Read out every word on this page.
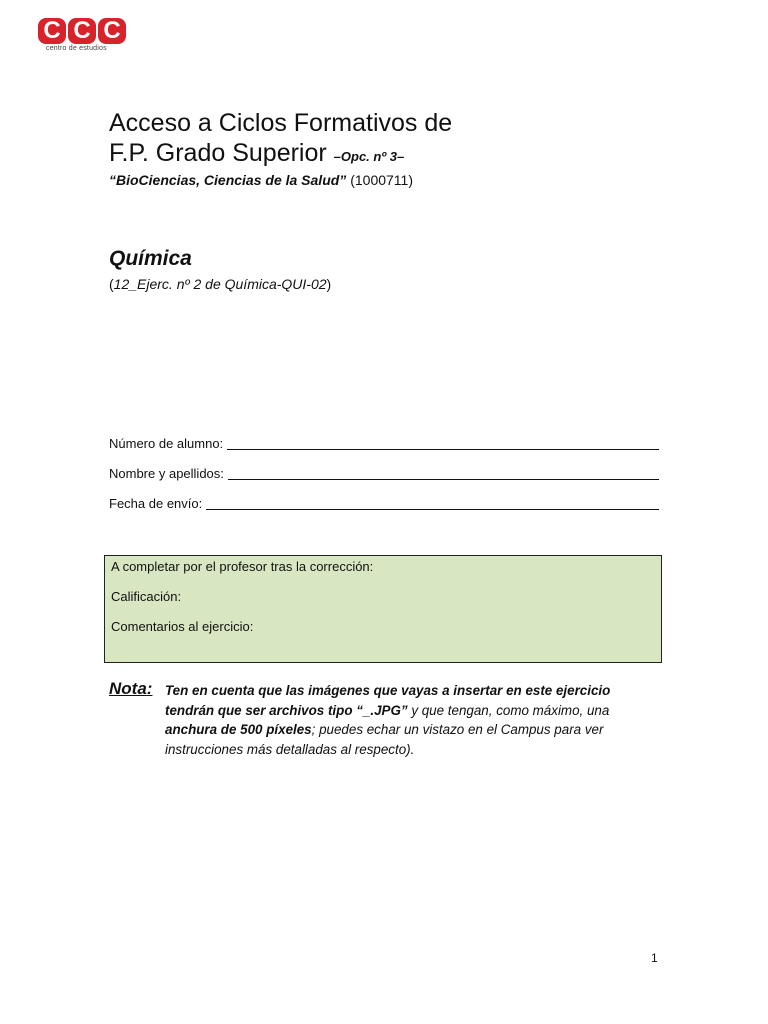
C C C
centro de estudios
Acceso a Ciclos Formativos de
F.P. Grado Superior –Opc. nº 3–
“BioCiencias, Ciencias de la Salud” (1000711)
Química
(12_Ejerc. nº 2 de Química-QUI-02)
Número de alumno:
Nombre y apellidos:
Fecha de envío:
A completar por el profesor tras la corrección:
Calificación:
Comentarios al ejercicio:
Nota: Ten en cuenta que las imágenes que vayas a insertar en este ejercicio tendrán que ser archivos tipo “_.JPG” y que tengan, como máximo, una anchura de 500 píxeles; puedes echar un vistazo en el Campus para ver instrucciones más detalladas al respecto).
1
